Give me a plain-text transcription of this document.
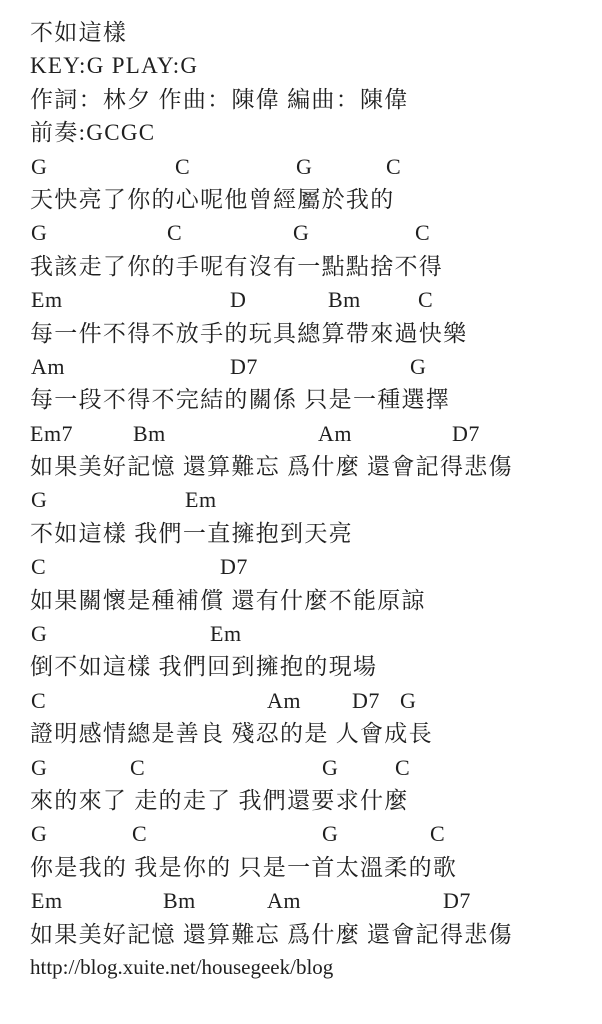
不如這樣
KEY:G PLAY:G
作詞：林夕 作曲：陳偉 編曲：陳偉
前奏:GCGC
G	C	G	C
天快亮了你的心呢他曾經屬於我的
G	C	G	C
我該走了你的手呢有沒有一點點捨不得
Em	D	Bm	C
每一件不得不放手的玩具總算帶來過快樂
Am	D7	G
每一段不得不完結的關係 只是一種選擇
Em7	Bm	Am	D7
如果美好記憶 還算難忘 爲什麼 還會記得悲傷
G	Em
不如這樣 我們一直擁抱到天亮
C	D7
如果關懷是種補償 還有什麼不能原諒
G	Em
倒不如這樣 我們回到擁抱的現場
C	Am D7 G
證明感情總是善良 殘忍的是 人會成長
G	C	G	C
來的來了 走的走了 我們還要求什麼
G	C	G	C
你是我的 我是你的 只是一首太溫柔的歌
Em	Bm	Am	D7
如果美好記憶 還算難忘 爲什麼 還會記得悲傷
http://blog.xuite.net/housegeek/blog
